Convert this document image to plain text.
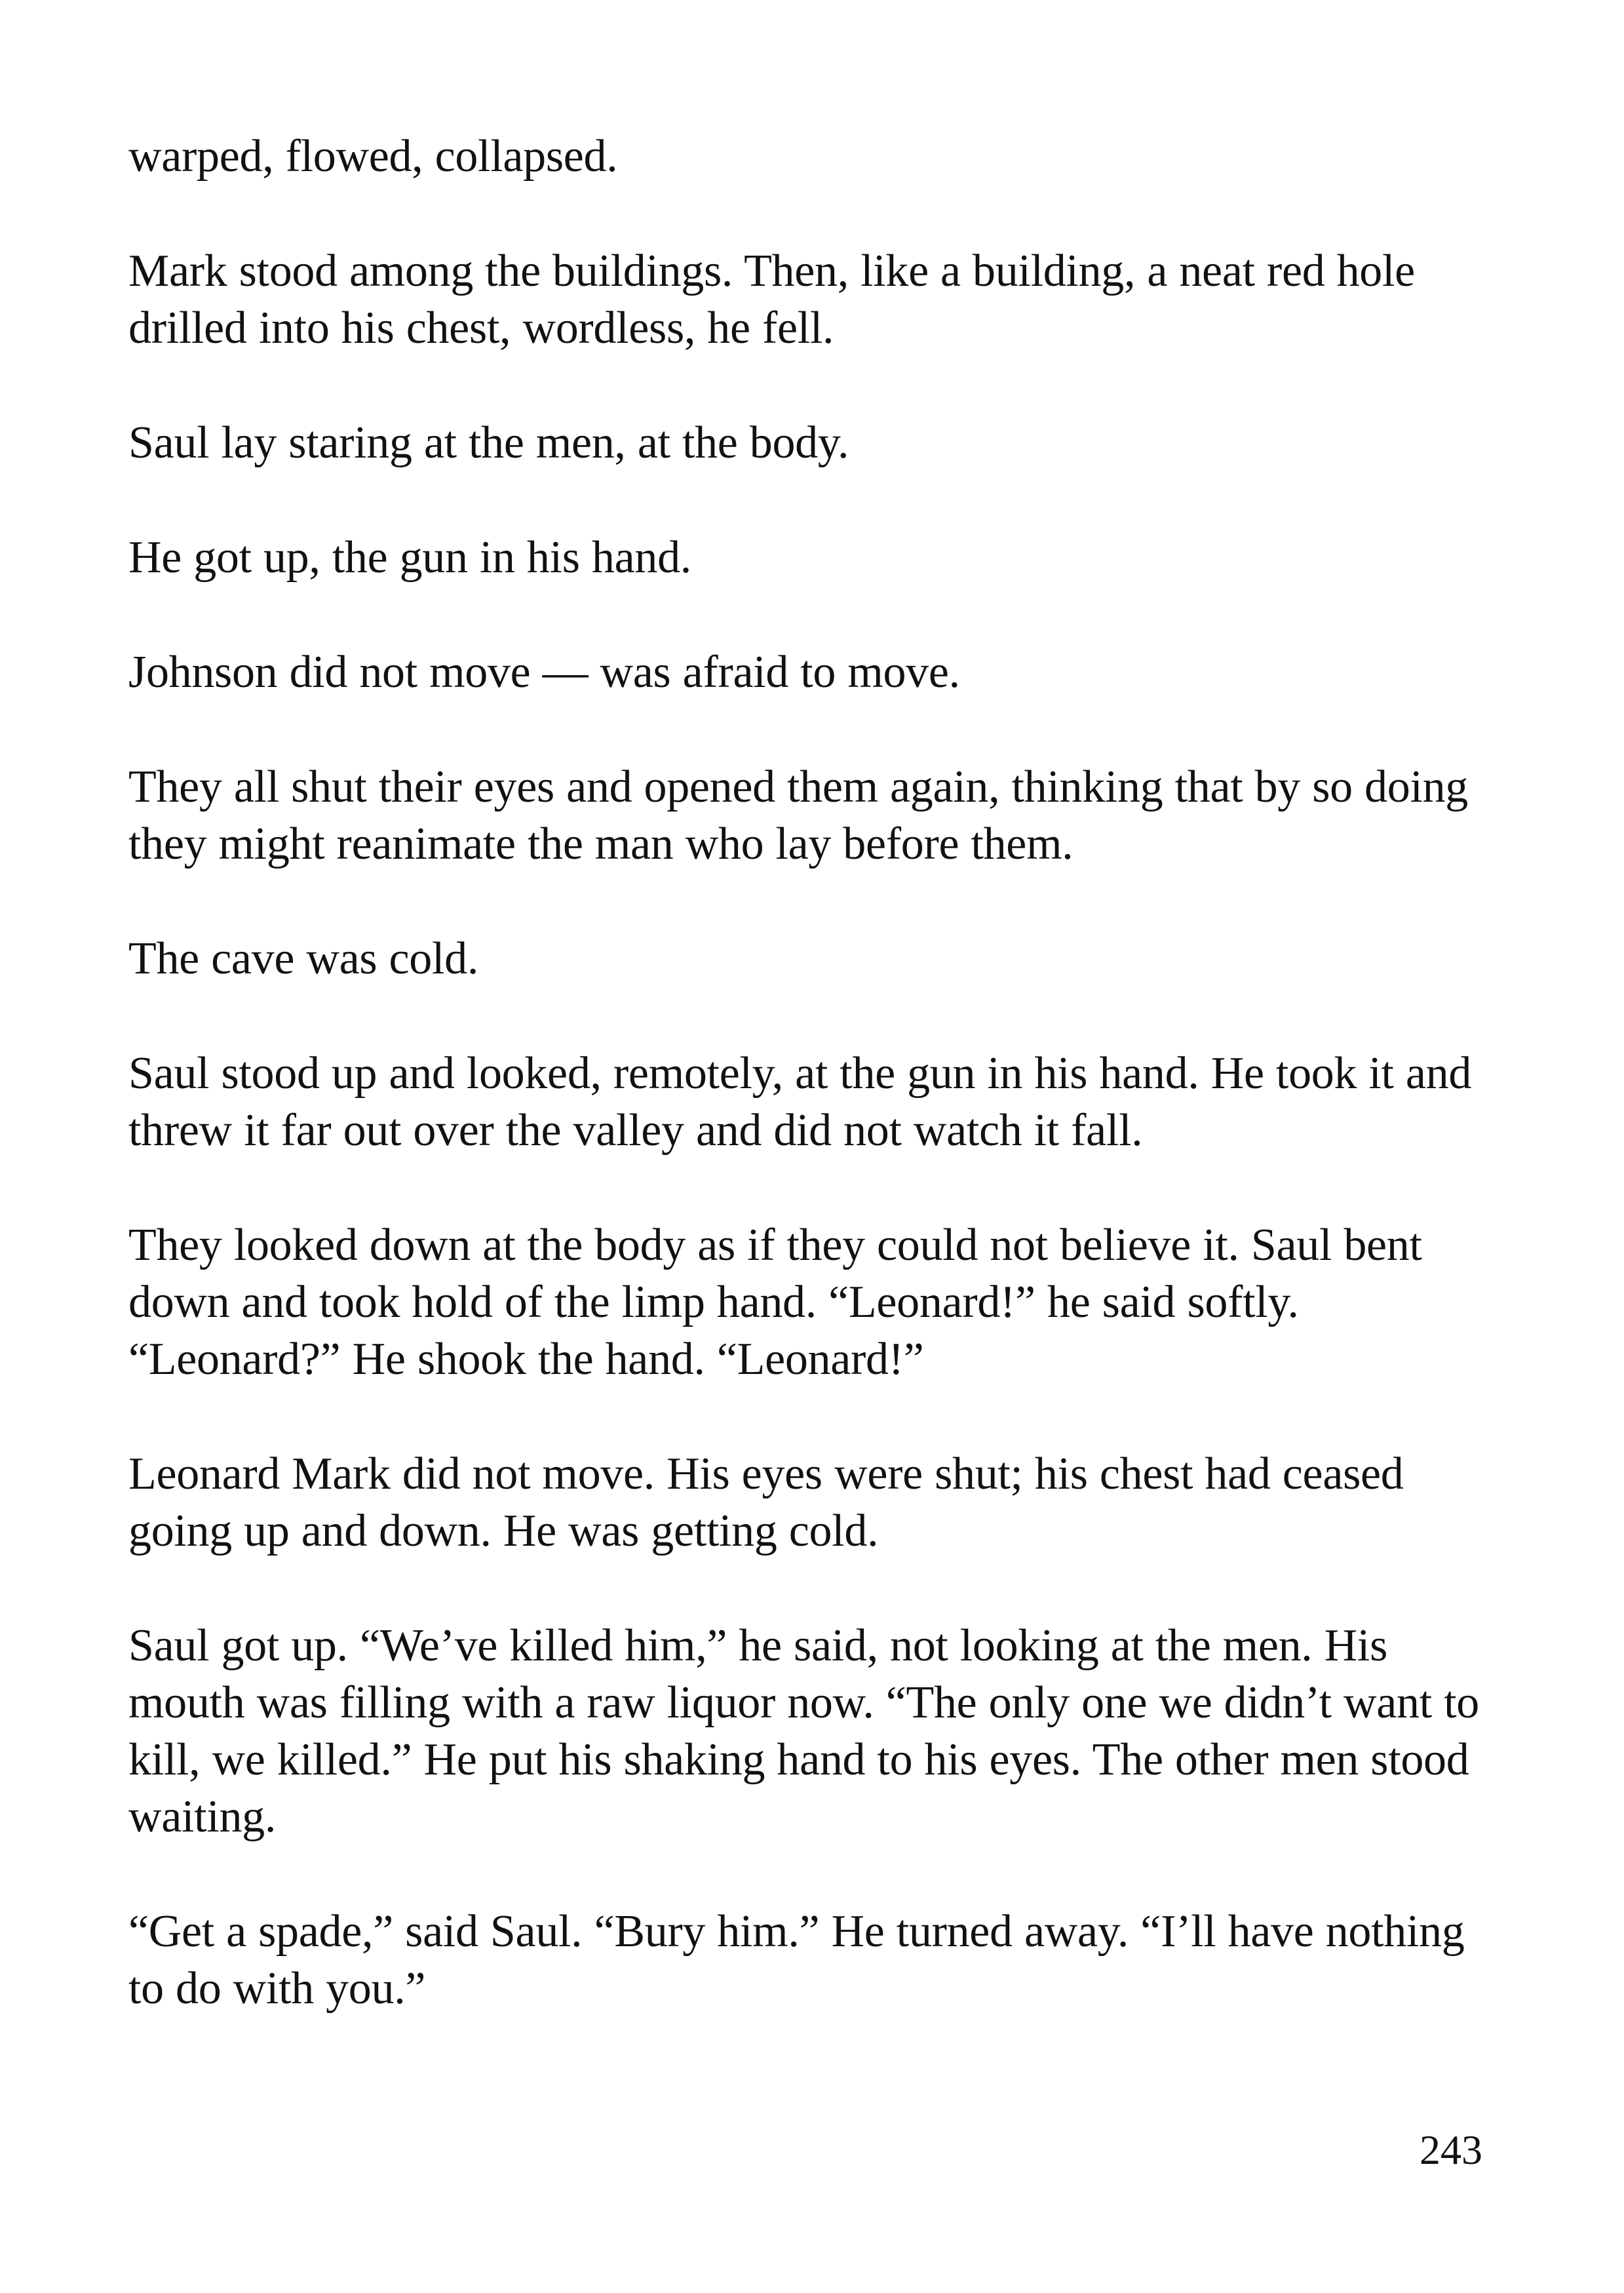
warped, flowed, collapsed.

Mark stood among the buildings. Then, like a building, a neat red hole drilled into his chest, wordless, he fell.

Saul lay staring at the men, at the body.

He got up, the gun in his hand.

Johnson did not move — was afraid to move.

They all shut their eyes and opened them again, thinking that by so doing they might reanimate the man who lay before them.

The cave was cold.

Saul stood up and looked, remotely, at the gun in his hand. He took it and threw it far out over the valley and did not watch it fall.

They looked down at the body as if they could not believe it. Saul bent down and took hold of the limp hand. “Leonard!” he said softly. “Leonard?” He shook the hand. “Leonard!”

Leonard Mark did not move. His eyes were shut; his chest had ceased going up and down. He was getting cold.

Saul got up. “We’ve killed him,” he said, not looking at the men. His mouth was filling with a raw liquor now. “The only one we didn’t want to kill, we killed.” He put his shaking hand to his eyes. The other men stood waiting.

“Get a spade,” said Saul. “Bury him.” He turned away. “I’ll have nothing to do with you.”

243
